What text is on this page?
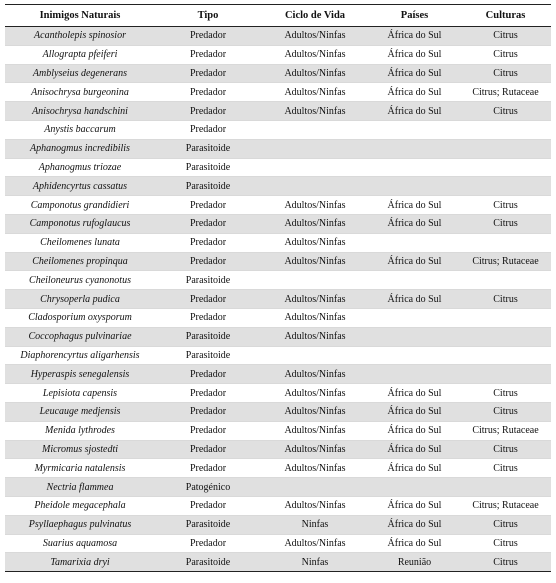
Inimigos Naturais	Tipo	Ciclo de Vida	Países	Culturas
Acantholepis spinosior	Predador	Adultos/Ninfas	África do Sul	Citrus
Allograpta pfeiferi	Predador	Adultos/Ninfas	África do Sul	Citrus
Amblyseius degenerans	Predador	Adultos/Ninfas	África do Sul	Citrus
Anisochrysa burgeonina	Predador	Adultos/Ninfas	África do Sul	Citrus; Rutaceae
Anisochrysa handschini	Predador	Adultos/Ninfas	África do Sul	Citrus
Anystis baccarum	Predador			
Aphanogmus incredibilis	Parasitoide			
Aphanogmus triozae	Parasitoide			
Aphidencyrtus cassatus	Parasitoide			
Camponotus grandidieri	Predador	Adultos/Ninfas	África do Sul	Citrus
Camponotus rufoglaucus	Predador	Adultos/Ninfas	África do Sul	Citrus
Cheilomenes lunata	Predador	Adultos/Ninfas		
Cheilomenes propinqua	Predador	Adultos/Ninfas	África do Sul	Citrus; Rutaceae
Cheiloneurus cyanonotus	Parasitoide			
Chrysoperla pudica	Predador	Adultos/Ninfas	África do Sul	Citrus
Cladosporium oxysporum	Predador	Adultos/Ninfas		
Coccophagus pulvinariae	Parasitoide	Adultos/Ninfas		
Diaphorencyrtus aligarhensis	Parasitoide			
Hyperaspis senegalensis	Predador	Adultos/Ninfas		
Lepisiota capensis	Predador	Adultos/Ninfas	África do Sul	Citrus
Leucauge medjensis	Predador	Adultos/Ninfas	África do Sul	Citrus
Menida lythrodes	Predador	Adultos/Ninfas	África do Sul	Citrus; Rutaceae
Micromus sjostedti	Predador	Adultos/Ninfas	África do Sul	Citrus
Myrmicaria natalensis	Predador	Adultos/Ninfas	África do Sul	Citrus
Nectria flammea	Patogénico			
Pheidole megacephala	Predador	Adultos/Ninfas	África do Sul	Citrus; Rutaceae
Psyllaephagus pulvinatus	Parasitoide	Ninfas	África do Sul	Citrus
Suarius aquamosa	Predador	Adultos/Ninfas	África do Sul	Citrus
Tamarixia dryi	Parasitoide	Ninfas	Reunião	Citrus
